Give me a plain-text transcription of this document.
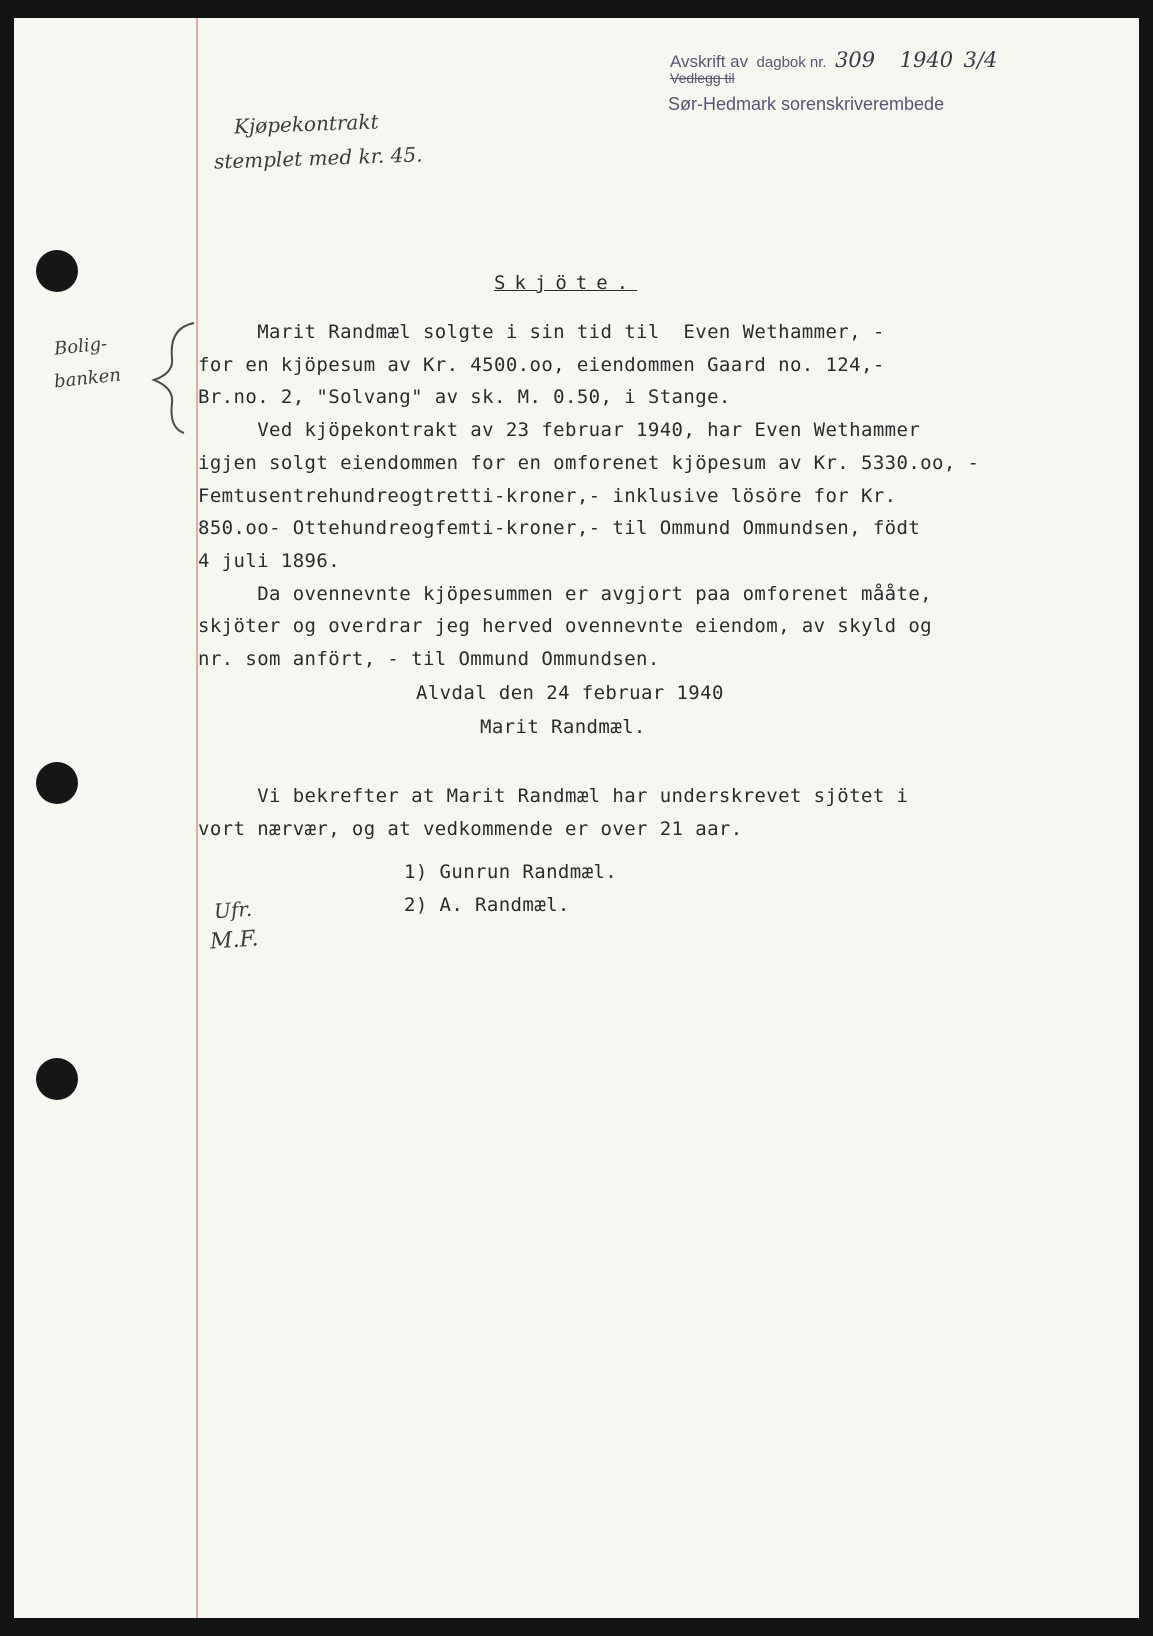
Avskrift av dagbok nr. 309 1940 3/4
Vedlegg til
Sør-Hedmark sorenskriverembede
Kjøpekontrakt
stemplet med kr. 45.
Bolig-
banken
Skjöte.
Marit Randmæl solgte i sin tid til  Even Wethammer, -
for en kjöpesum av Kr. 4500.oo, eiendommen Gaard no. 124,-
Br.no. 2, "Solvang" av sk. M. 0.50, i Stange.
Ved kjöpekontrakt av 23 februar 1940, har Even Wethammer
igjen solgt eiendommen for en omforenet kjöpesum av Kr. 5330.oo, -
Femtusentrehundreogtretti-kroner,- inklusive lösöre for Kr.
850.oo- Ottehundreogfemti-kroner,- til Ommund Ommundsen, födt
4 juli 1896.
Da ovennevnte kjöpesummen er avgjort paa omforenet mååte,
skjöter og overdrar jeg herved ovennevnte eiendom, av skyld og
nr. som anfört, - til Ommund Ommundsen.
Alvdal den 24 februar 1940
Marit Randmæl.
Vi bekrefter at Marit Randmæl har underskrevet sjötet i
vort nærvær, og at vedkommende er over 21 aar.
1) Gunrun Randmæl.
2) A. Randmæl.
Ufr.
M.F.
